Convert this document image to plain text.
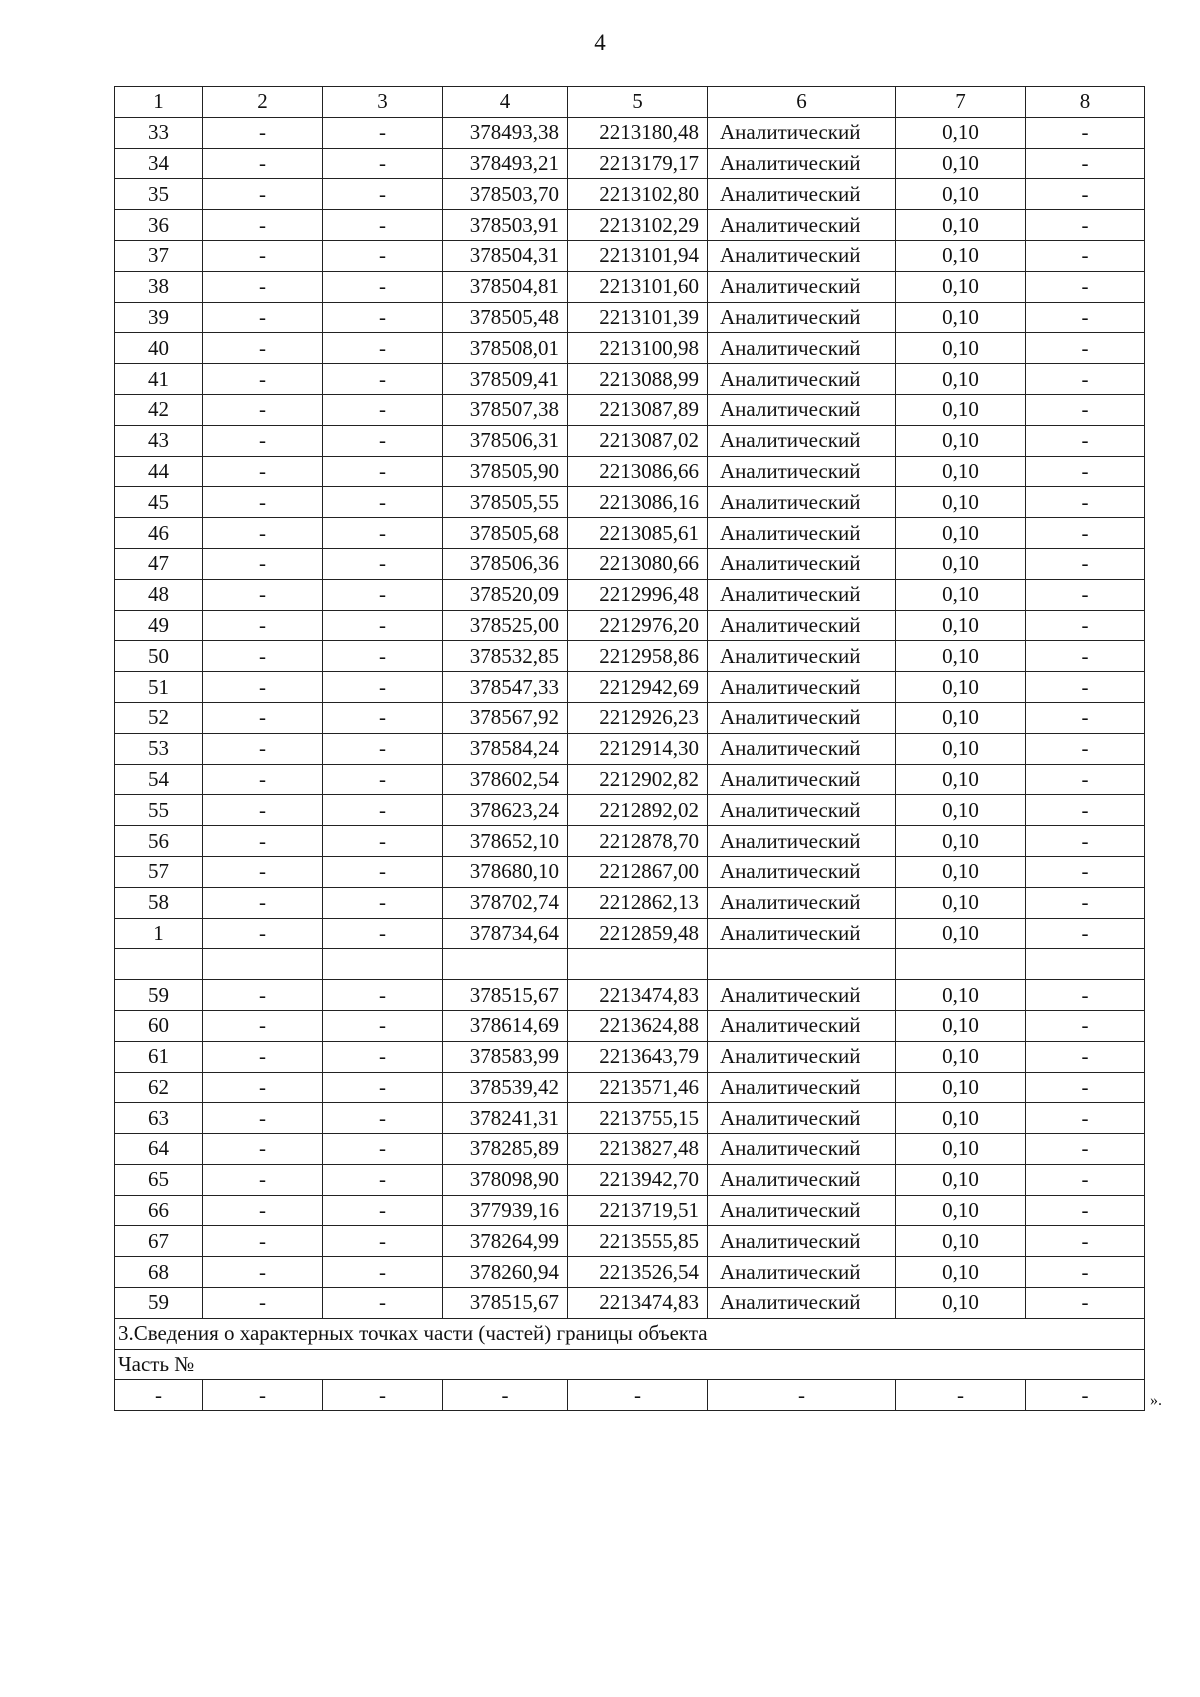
4
1	2	3	4	5	6	7	8
33	-	-	378493,38	2213180,48	Аналитический	0,10	-
34	-	-	378493,21	2213179,17	Аналитический	0,10	-
35	-	-	378503,70	2213102,80	Аналитический	0,10	-
36	-	-	378503,91	2213102,29	Аналитический	0,10	-
37	-	-	378504,31	2213101,94	Аналитический	0,10	-
38	-	-	378504,81	2213101,60	Аналитический	0,10	-
39	-	-	378505,48	2213101,39	Аналитический	0,10	-
40	-	-	378508,01	2213100,98	Аналитический	0,10	-
41	-	-	378509,41	2213088,99	Аналитический	0,10	-
42	-	-	378507,38	2213087,89	Аналитический	0,10	-
43	-	-	378506,31	2213087,02	Аналитический	0,10	-
44	-	-	378505,90	2213086,66	Аналитический	0,10	-
45	-	-	378505,55	2213086,16	Аналитический	0,10	-
46	-	-	378505,68	2213085,61	Аналитический	0,10	-
47	-	-	378506,36	2213080,66	Аналитический	0,10	-
48	-	-	378520,09	2212996,48	Аналитический	0,10	-
49	-	-	378525,00	2212976,20	Аналитический	0,10	-
50	-	-	378532,85	2212958,86	Аналитический	0,10	-
51	-	-	378547,33	2212942,69	Аналитический	0,10	-
52	-	-	378567,92	2212926,23	Аналитический	0,10	-
53	-	-	378584,24	2212914,30	Аналитический	0,10	-
54	-	-	378602,54	2212902,82	Аналитический	0,10	-
55	-	-	378623,24	2212892,02	Аналитический	0,10	-
56	-	-	378652,10	2212878,70	Аналитический	0,10	-
57	-	-	378680,10	2212867,00	Аналитический	0,10	-
58	-	-	378702,74	2212862,13	Аналитический	0,10	-
1	-	-	378734,64	2212859,48	Аналитический	0,10	-

59	-	-	378515,67	2213474,83	Аналитический	0,10	-
60	-	-	378614,69	2213624,88	Аналитический	0,10	-
61	-	-	378583,99	2213643,79	Аналитический	0,10	-
62	-	-	378539,42	2213571,46	Аналитический	0,10	-
63	-	-	378241,31	2213755,15	Аналитический	0,10	-
64	-	-	378285,89	2213827,48	Аналитический	0,10	-
65	-	-	378098,90	2213942,70	Аналитический	0,10	-
66	-	-	377939,16	2213719,51	Аналитический	0,10	-
67	-	-	378264,99	2213555,85	Аналитический	0,10	-
68	-	-	378260,94	2213526,54	Аналитический	0,10	-
59	-	-	378515,67	2213474,83	Аналитический	0,10	-
3.Сведения о характерных точках части (частей) границы объекта							
Часть №							
-	-	-	-	-	-	-	-	».
